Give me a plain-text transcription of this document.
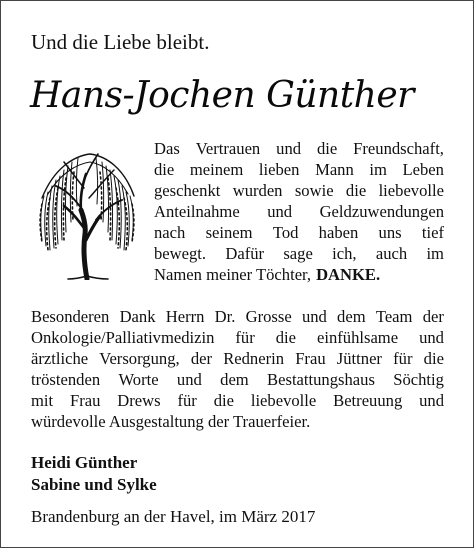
Und die Liebe bleibt.
Hans-Jochen Günther
Das Vertrauen und die Freundschaft,
die meinem lieben Mann im Leben
geschenkt wurden sowie die liebevolle
Anteilnahme und Geldzuwendungen
nach seinem Tod haben uns tief
bewegt. Dafür sage ich, auch im
Namen meiner Töchter, DANKE.
Besonderen Dank Herrn Dr. Grosse und dem Team der
Onkologie/Palliativmedizin für die einfühlsame und
ärztliche Versorgung, der Rednerin Frau Jüttner für die
tröstenden Worte und dem Bestattungshaus Söchtig
mit Frau Drews für die liebevolle Betreuung und
würdevolle Ausgestaltung der Trauerfeier.
Heidi Günther
Sabine und Sylke
Brandenburg an der Havel, im März 2017
